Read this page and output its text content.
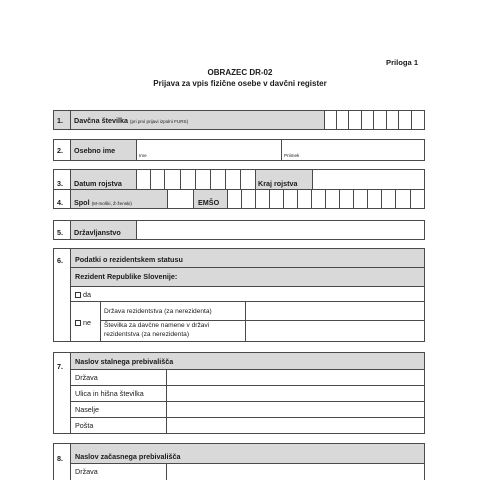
Priloga 1
OBRAZEC DR-02
Prijava za vpis fizične osebe v davčni register
1. Davčna številka (pri prvi prijavi izpolni FURS)
2. Osebno ime
Ime	Priimek
3. Datum rojstva	Kraj rojstva
4. Spol (M-moški, Ž-ženski)	EMŠO
5. Državljanstvo
6. Podatki o rezidentskem statusu
Rezident Republike Slovenije:
da
ne
Država rezidentstva (za nerezidenta)
Številka za davčne namene v državi
rezidentstva (za nerezidenta)
7.
Naslov stalnega prebivališča
Država
Ulica in hišna številka
Naselje
Pošta
8. Naslov začasnega prebivališča
Država
